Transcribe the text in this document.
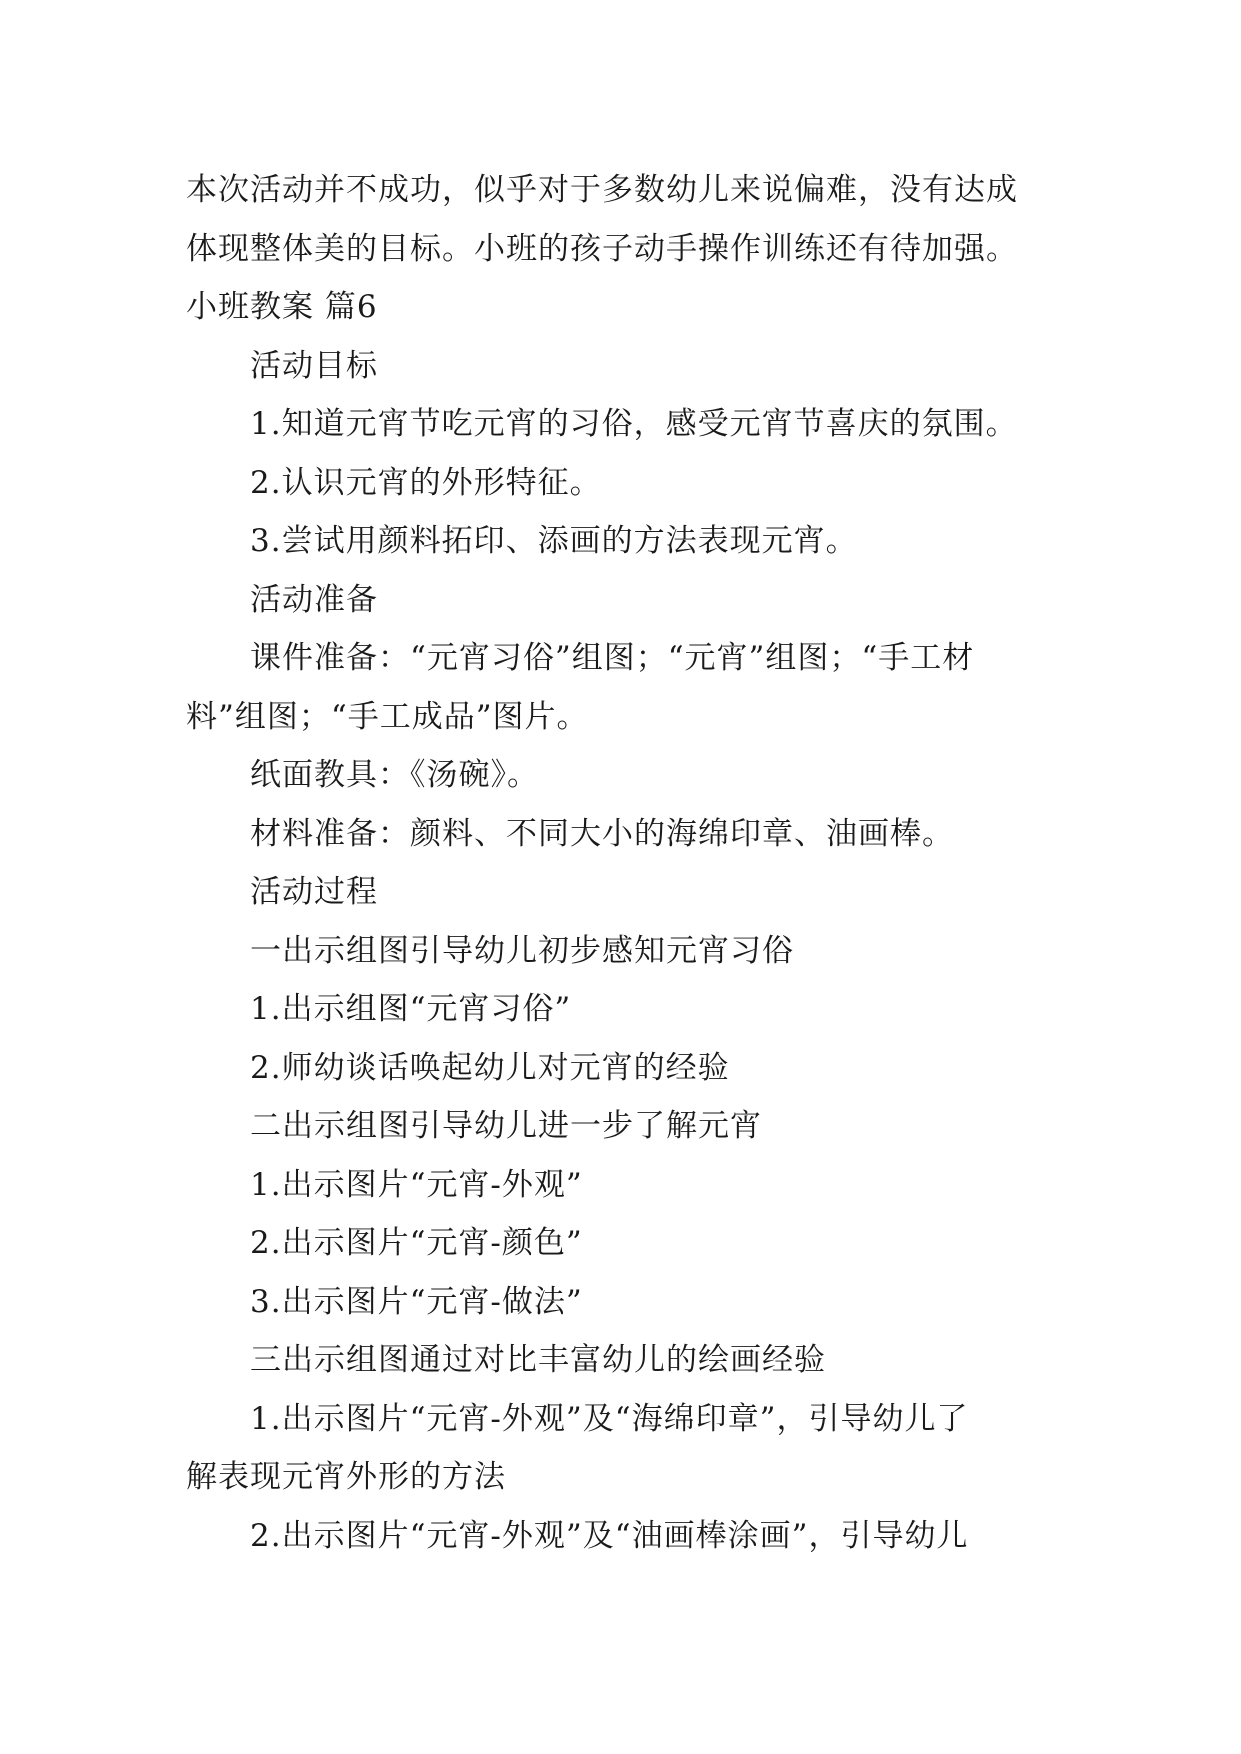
本次活动并不成功，似乎对于多数幼儿来说偏难，没有达成
体现整体美的目标。小班的孩子动手操作训练还有待加强。
小班教案 篇6
活动目标
1.知道元宵节吃元宵的习俗，感受元宵节喜庆的氛围。
2.认识元宵的外形特征。
3.尝试用颜料拓印、添画的方法表现元宵。
活动准备
课件准备：“元宵习俗”组图；“元宵”组图；“手工材
料”组图；“手工成品”图片。
纸面教具：《汤碗》。
材料准备：颜料、不同大小的海绵印章、油画棒。
活动过程
一出示组图引导幼儿初步感知元宵习俗
1.出示组图“元宵习俗”
2.师幼谈话唤起幼儿对元宵的经验
二出示组图引导幼儿进一步了解元宵
1.出示图片“元宵-外观”
2.出示图片“元宵-颜色”
3.出示图片“元宵-做法”
三出示组图通过对比丰富幼儿的绘画经验
1.出示图片“元宵-外观”及“海绵印章”，引导幼儿了
解表现元宵外形的方法
2.出示图片“元宵-外观”及“油画棒涂画”，引导幼儿
